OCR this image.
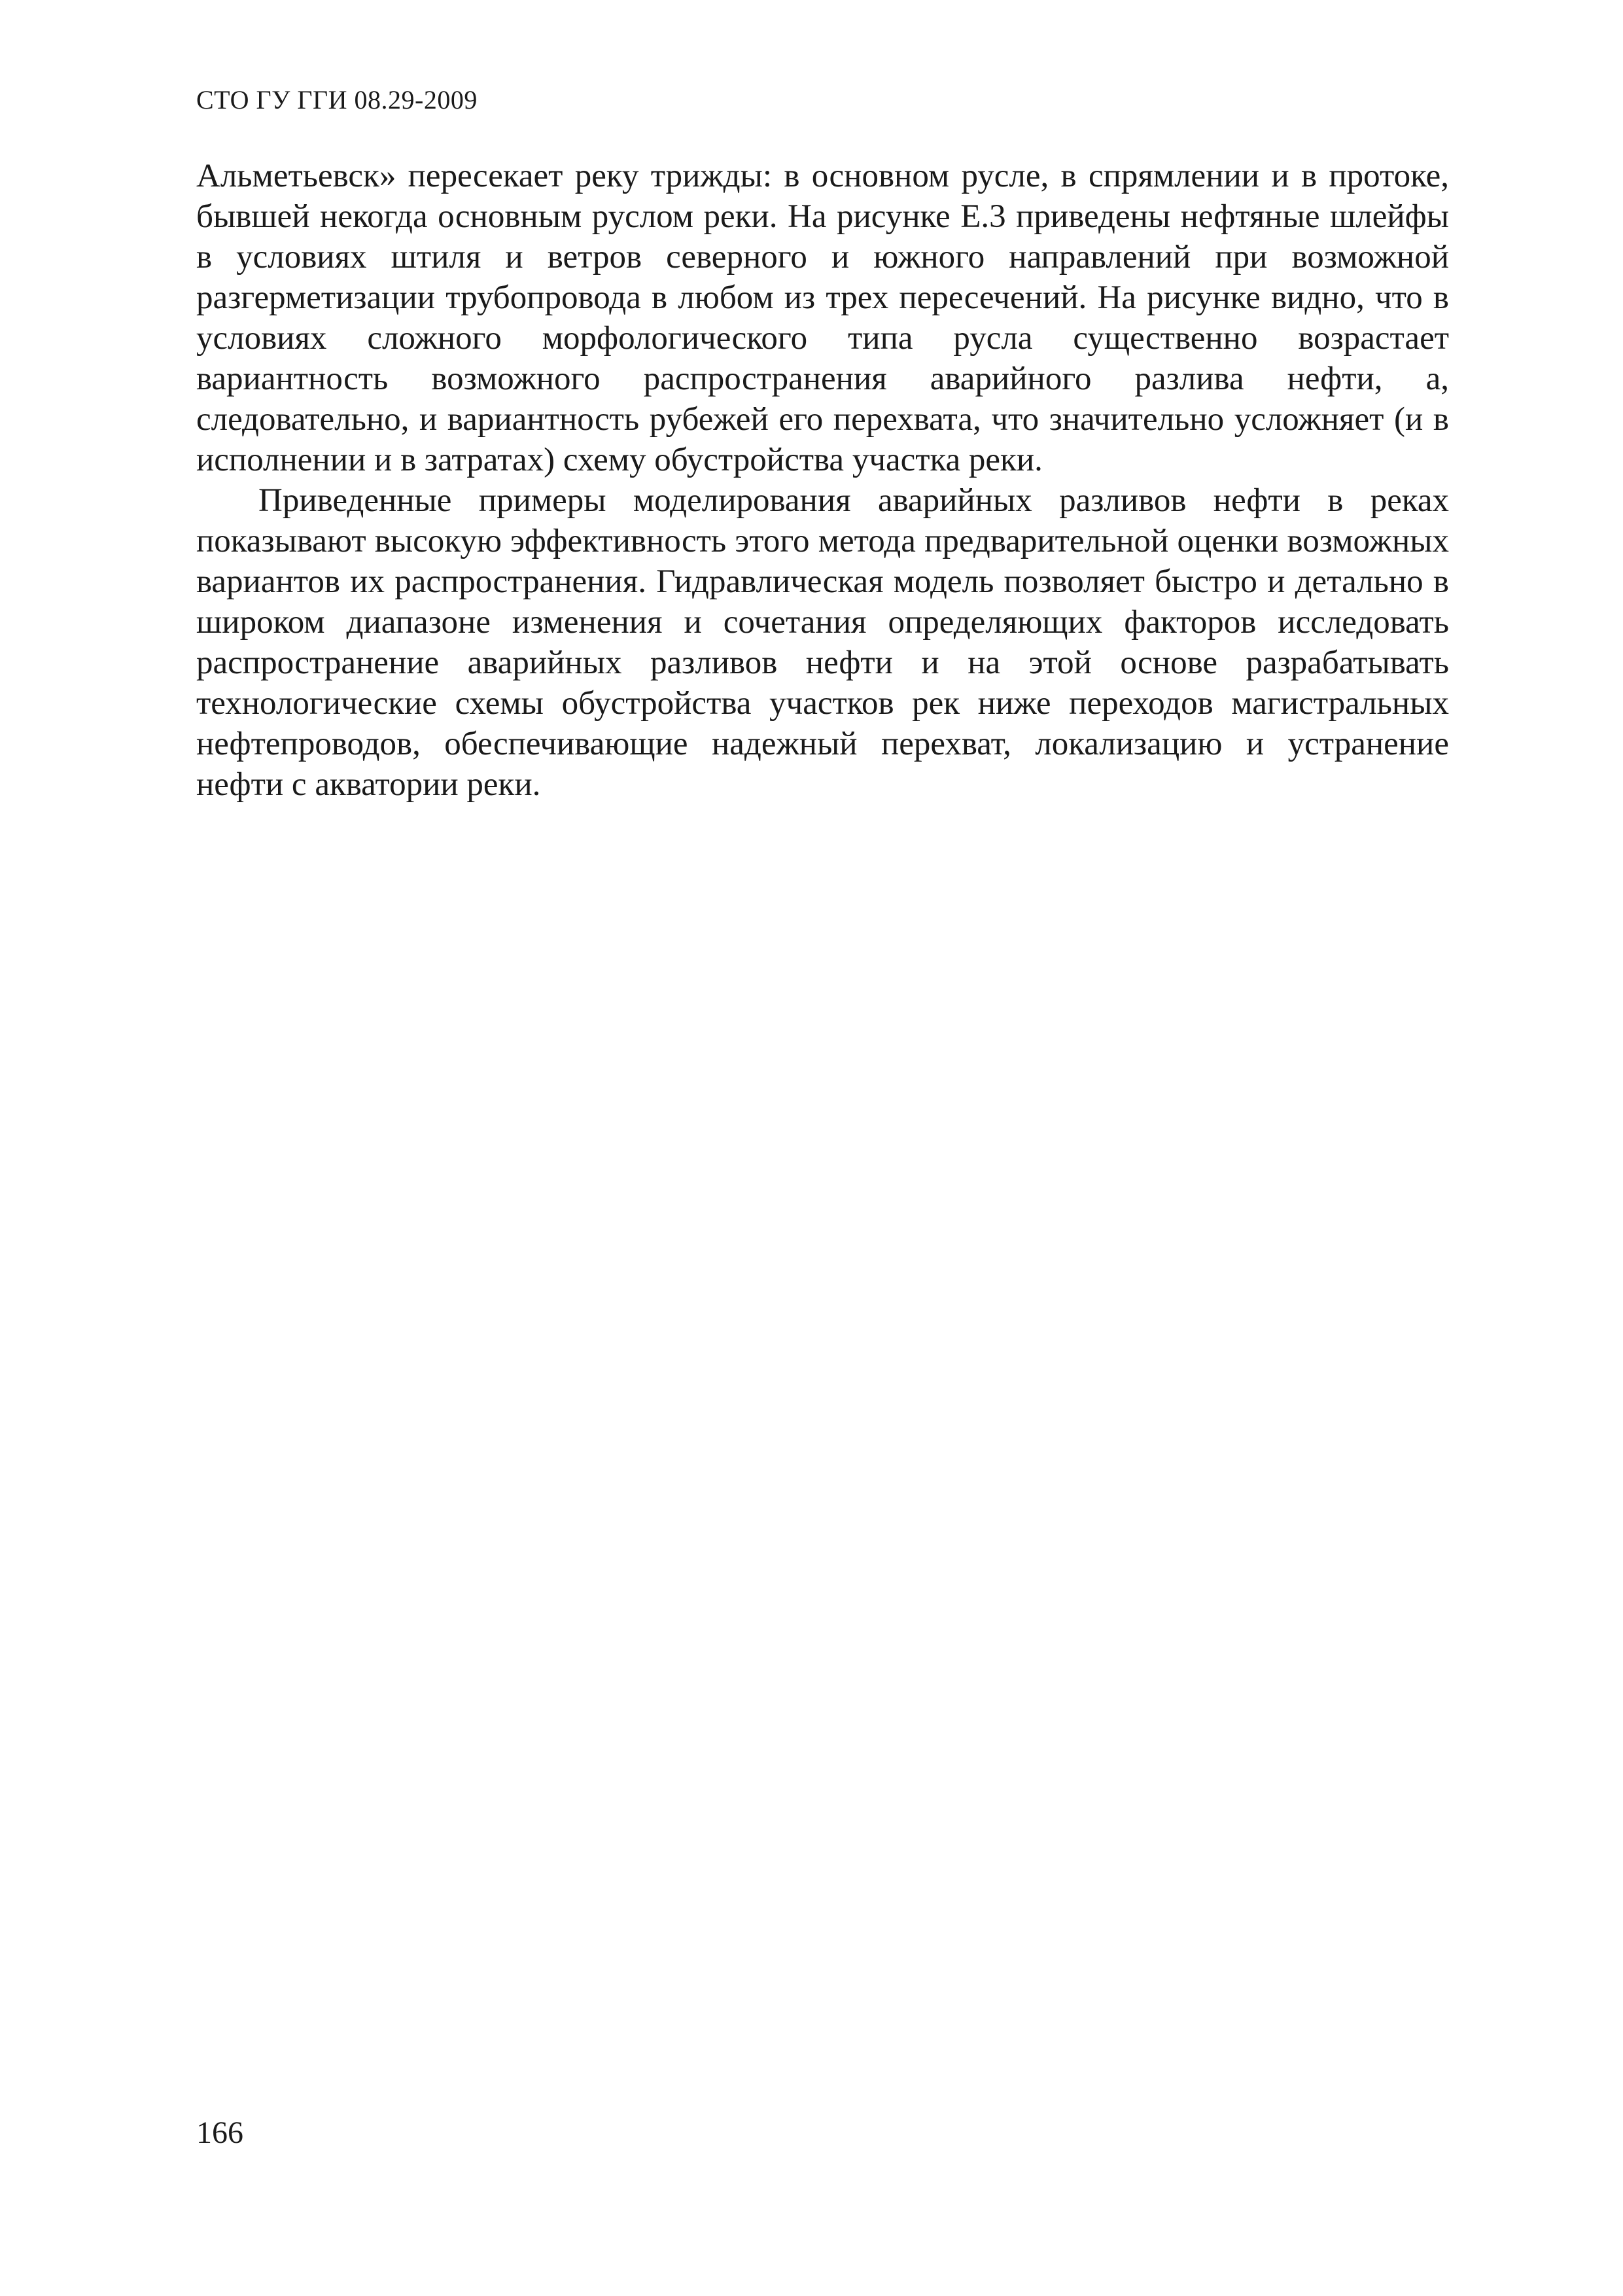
СТО ГУ ГГИ 08.29-2009

Альметьевск» пересекает реку трижды: в основном русле, в спрямлении и в протоке, бывшей некогда основным руслом реки. На рисунке Е.3 приведены нефтяные шлейфы в условиях штиля и ветров северного и южного направлений при возможной разгерметизации трубопровода в любом из трех пересечений. На рисунке видно, что в условиях сложного морфологического типа русла существенно возрастает вариантность возможного распространения аварийного разлива нефти, а, следовательно, и вариантность рубежей его перехвата, что значительно усложняет (и в исполнении и в затратах) схему обустройства участка реки.

Приведенные примеры моделирования аварийных разливов нефти в реках показывают высокую эффективность этого метода предварительной оценки возможных вариантов их распространения. Гидравлическая модель позволяет быстро и детально в широком диапазоне изменения и сочетания определяющих факторов исследовать распространение аварийных разливов нефти и на этой основе разрабатывать технологические схемы обустройства участков рек ниже переходов магистральных нефтепроводов, обеспечивающие надежный перехват, локализацию и устранение нефти с акватории реки.

166
